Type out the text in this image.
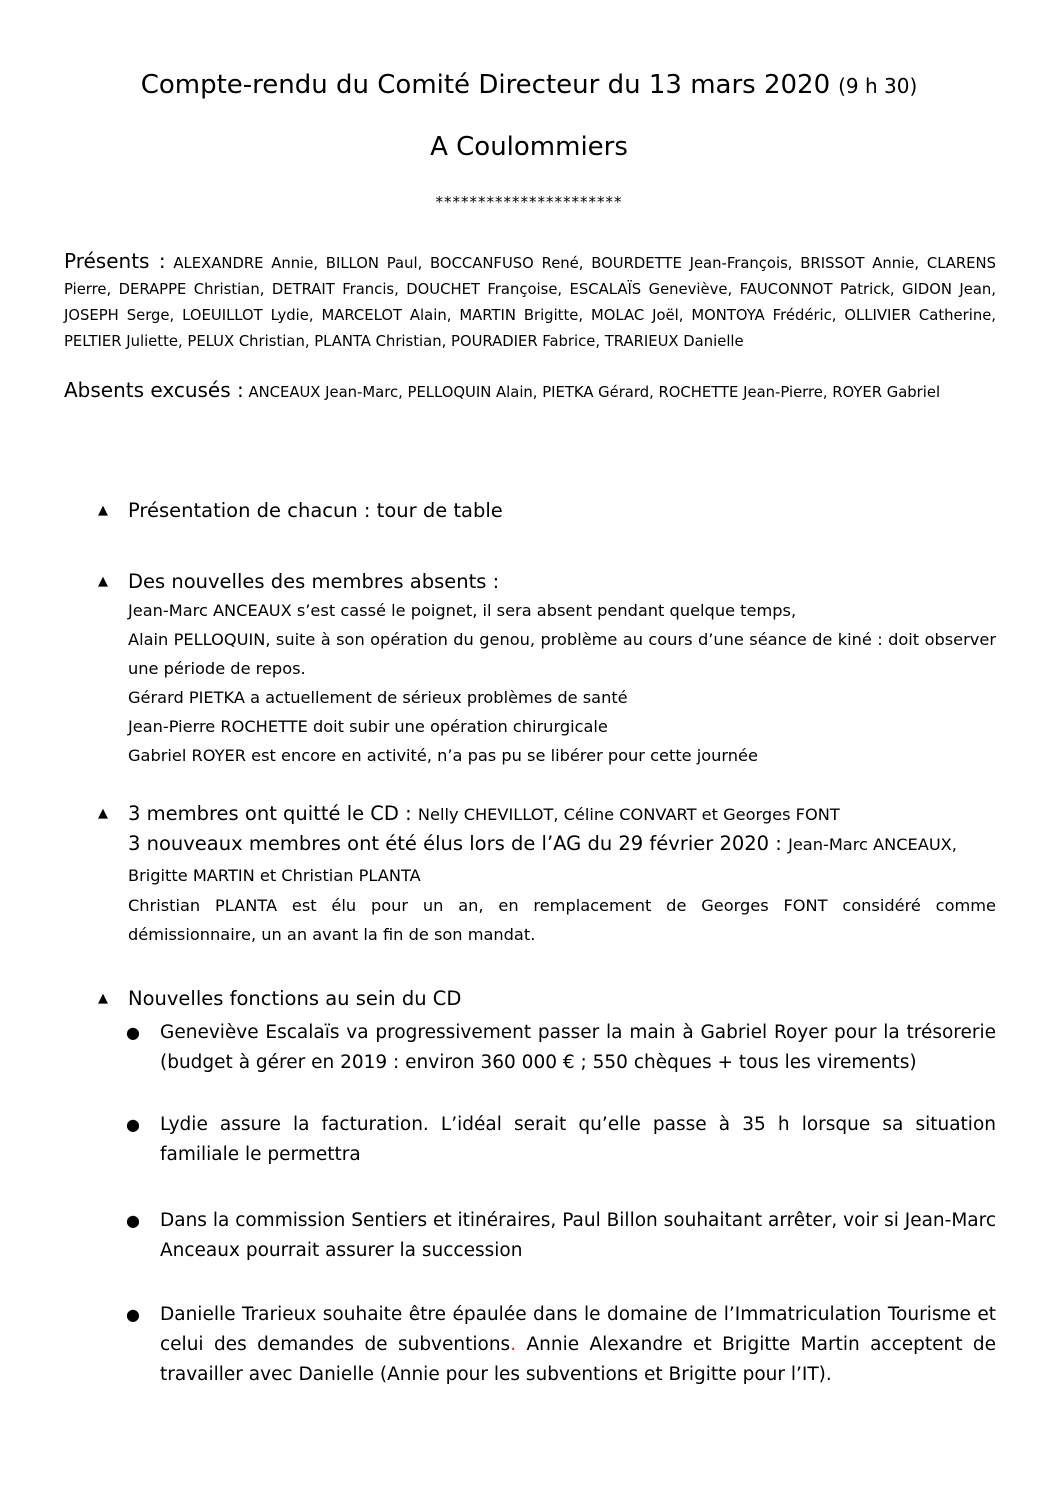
Compte-rendu du Comité Directeur du 13 mars 2020 (9 h 30)
A Coulommiers
**********************
Présents : ALEXANDRE Annie, BILLON Paul, BOCCANFUSO René, BOURDETTE Jean-François, BRISSOT Annie, CLARENS Pierre, DERAPPE Christian, DETRAIT Francis, DOUCHET Françoise, ESCALAÏS Geneviève, FAUCONNOT Patrick, GIDON Jean, JOSEPH Serge, LOEUILLOT Lydie, MARCELOT Alain, MARTIN Brigitte, MOLAC Joël, MONTOYA Frédéric, OLLIVIER Catherine, PELTIER Juliette, PELUX Christian, PLANTA Christian, POURADIER Fabrice, TRARIEUX Danielle
Absents excusés : ANCEAUX Jean-Marc, PELLOQUIN Alain, PIETKA Gérard, ROCHETTE Jean-Pierre, ROYER Gabriel
▲ Présentation de chacun : tour de table
▲ Des nouvelles des membres absents :
Jean-Marc ANCEAUX s’est cassé le poignet, il sera absent pendant quelque temps,
Alain PELLOQUIN, suite à son opération du genou, problème au cours d’une séance de kiné : doit observer une période de repos.
Gérard PIETKA a actuellement de sérieux problèmes de santé
Jean-Pierre ROCHETTE doit subir une opération chirurgicale
Gabriel ROYER est encore en activité, n’a pas pu se libérer pour cette journée
▲ 3 membres ont quitté le CD : Nelly CHEVILLOT, Céline CONVART et Georges FONT
3 nouveaux membres ont été élus lors de l’AG du 29 février 2020 : Jean-Marc ANCEAUX, Brigitte MARTIN et Christian PLANTA
Christian PLANTA est élu pour un an, en remplacement de Georges FONT considéré comme démissionnaire, un an avant la fin de son mandat.
▲ Nouvelles fonctions au sein du CD
● Geneviève Escalaïs va progressivement passer la main à Gabriel Royer pour la trésorerie (budget à gérer en 2019 : environ 360 000 € ; 550 chèques + tous les virements)
● Lydie assure la facturation. L’idéal serait qu’elle passe à 35 h lorsque sa situation familiale le permettra
● Dans la commission Sentiers et itinéraires, Paul Billon souhaitant arrêter, voir si Jean-Marc Anceaux pourrait assurer la succession
● Danielle Trarieux souhaite être épaulée dans le domaine de l’Immatriculation Tourisme et celui des demandes de subventions. Annie Alexandre et Brigitte Martin acceptent de travailler avec Danielle (Annie pour les subventions et Brigitte pour l’IT).
